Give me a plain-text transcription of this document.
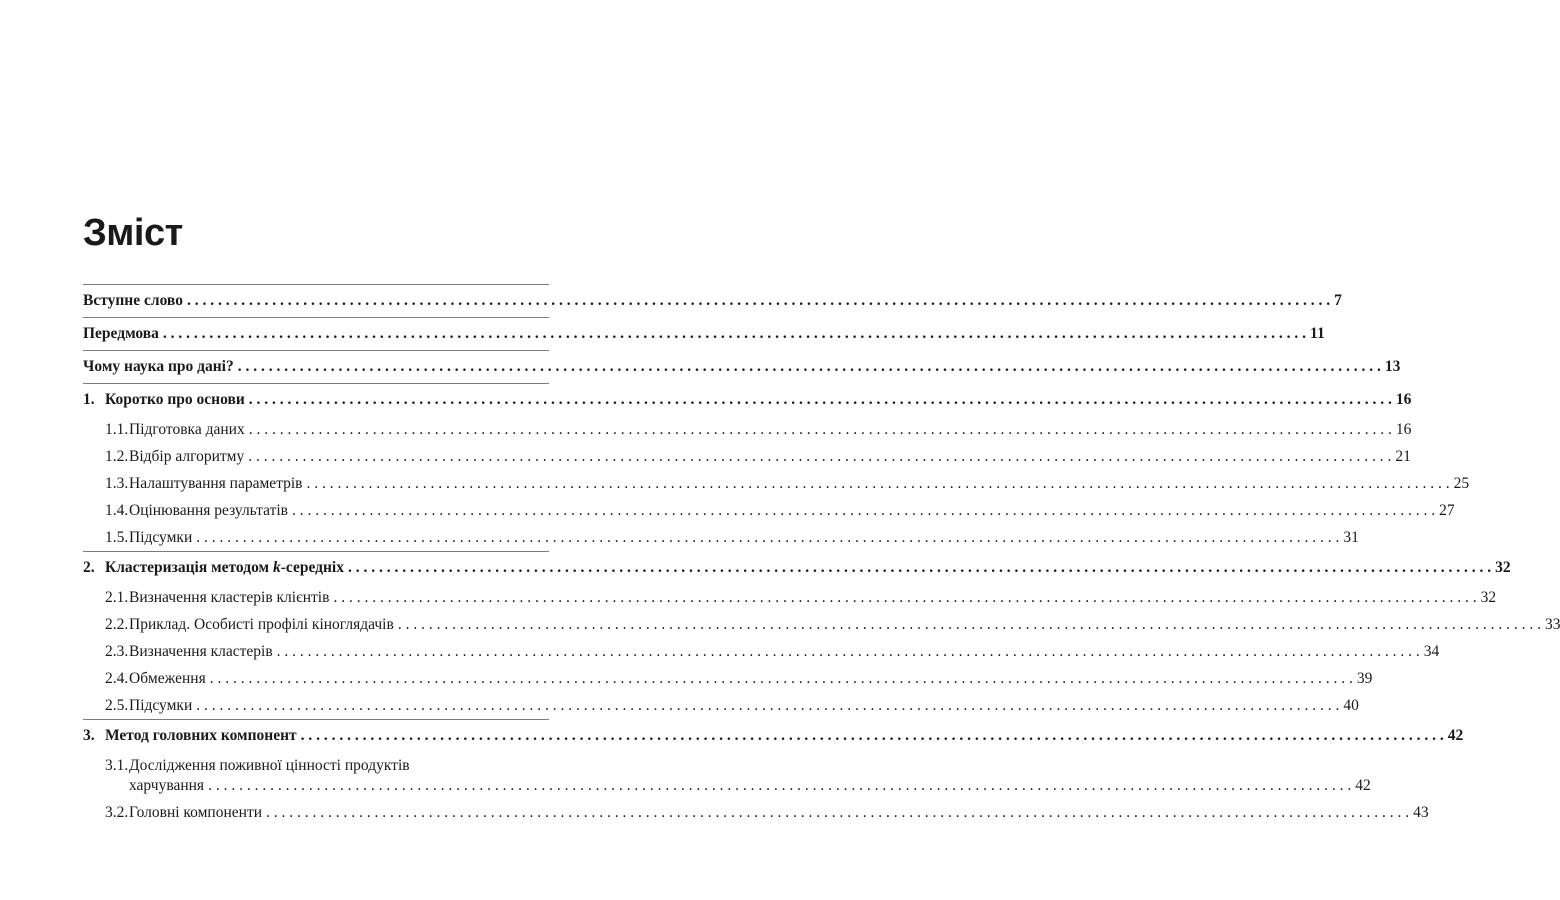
Зміст
Вступне слово . . .	7
Передмова . . .	11
Чому наука про дані? . . .	13
1. Коротко про основи . . .	16
1.1. Підготовка даних . . .	16
1.2. Відбір алгоритму . . .	21
1.3. Налаштування параметрів . . .	25
1.4. Оцінювання результатів . . .	27
1.5. Підсумки . . .	31
2. Кластеризація методом k-середніх . . .	32
2.1. Визначення кластерів клієнтів . . .	32
2.2. Приклад. Особисті профілі кіноглядачів . . .	33
2.3. Визначення кластерів . . .	34
2.4. Обмеження . . .	39
2.5. Підсумки . . .	40
3. Метод головних компонент . . .	42
3.1. Дослідження поживної цінності продуктів
харчування . . .	42
3.2. Головні компоненти . . .	43
